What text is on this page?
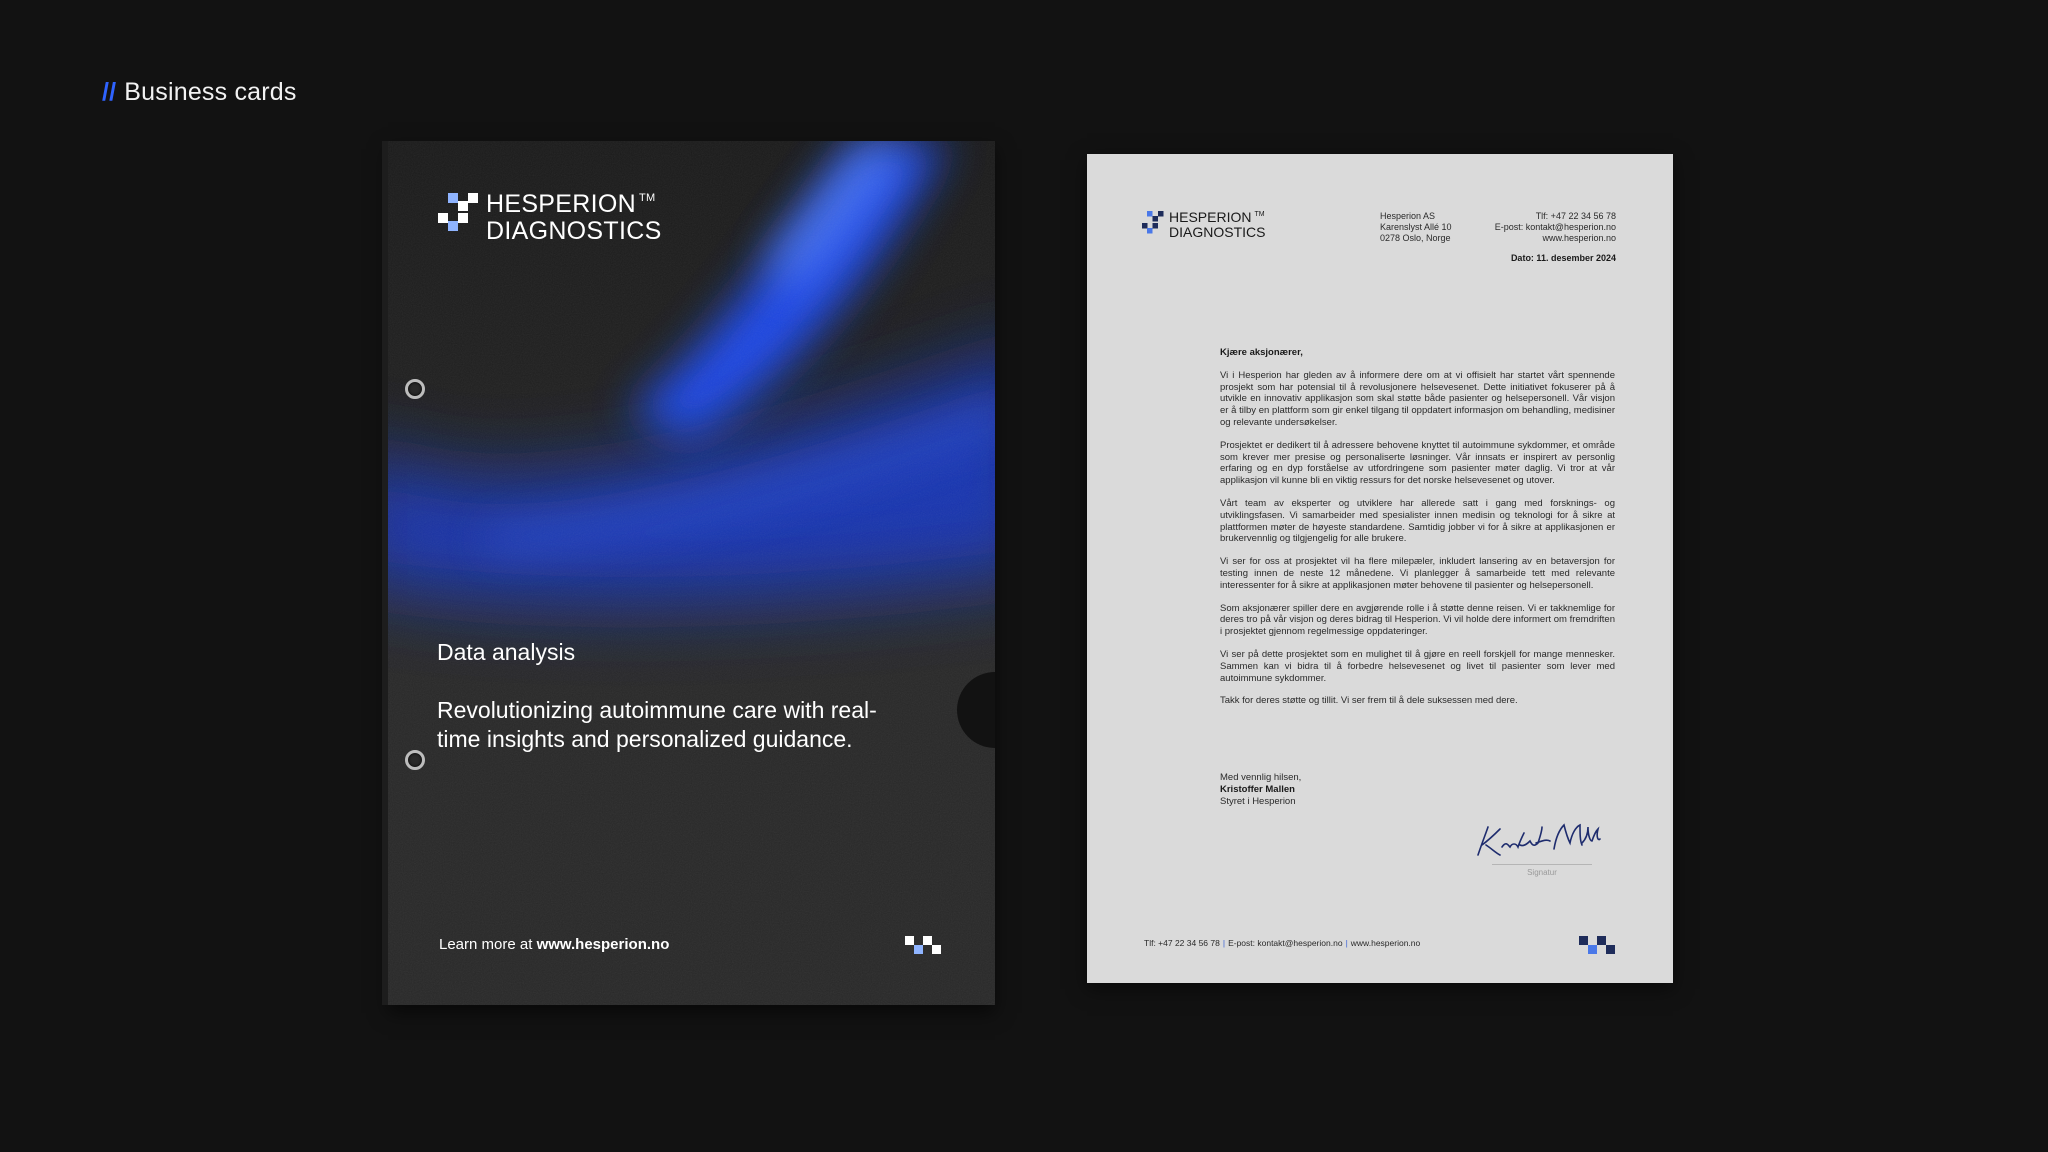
// Business cards
HESPERION ™
DIAGNOSTICS
Data analysis
Revolutionizing autoimmune care with real-time insights and personalized guidance.
Learn more at www.hesperion.no
HESPERION ™
DIAGNOSTICS
Hesperion AS
Karenslyst Allé 10
0278 Oslo, Norge
Tlf: +47 22 34 56 78
E-post: kontakt@hesperion.no
www.hesperion.no
Dato: 11. desember 2024
Kjære aksjonærer,

Vi i Hesperion har gleden av å informere dere om at vi offisielt har startet vårt spennende prosjekt som har potensial til å revolusjonere helsevesenet. Dette initiativet fokuserer på å utvikle en innovativ applikasjon som skal støtte både pasienter og helsepersonell. Vår visjon er å tilby en plattform som gir enkel tilgang til oppdatert informasjon om behandling, medisiner og relevante undersøkelser.

Prosjektet er dedikert til å adressere behovene knyttet til autoimmune sykdommer, et område som krever mer presise og personaliserte løsninger. Vår innsats er inspirert av personlig erfaring og en dyp forståelse av utfordringene som pasienter møter daglig. Vi tror at vår applikasjon vil kunne bli en viktig ressurs for det norske helsevesenet og utover.

Vårt team av eksperter og utviklere har allerede satt i gang med forsknings- og utviklingsfasen. Vi samarbeider med spesialister innen medisin og teknologi for å sikre at plattformen møter de høyeste standardene. Samtidig jobber vi for å sikre at applikasjonen er brukervennlig og tilgjengelig for alle brukere.

Vi ser for oss at prosjektet vil ha flere milepæler, inkludert lansering av en betaversjon for testing innen de neste 12 månedene. Vi planlegger å samarbeide tett med relevante interessenter for å sikre at applikasjonen møter behovene til pasienter og helsepersonell.

Som aksjonærer spiller dere en avgjørende rolle i å støtte denne reisen. Vi er takknemlige for deres tro på vår visjon og deres bidrag til Hesperion. Vi vil holde dere informert om fremdriften i prosjektet gjennom regelmessige oppdateringer.

Vi ser på dette prosjektet som en mulighet til å gjøre en reell forskjell for mange mennesker. Sammen kan vi bidra til å forbedre helsevesenet og livet til pasienter som lever med autoimmune sykdommer.

Takk for deres støtte og tillit. Vi ser frem til å dele suksessen med dere.

Med vennlig hilsen,
Kristoffer Mallen
Styret i Hesperion
Signatur
Tlf: +47 22 34 56 78 | E-post: kontakt@hesperion.no | www.hesperion.no
